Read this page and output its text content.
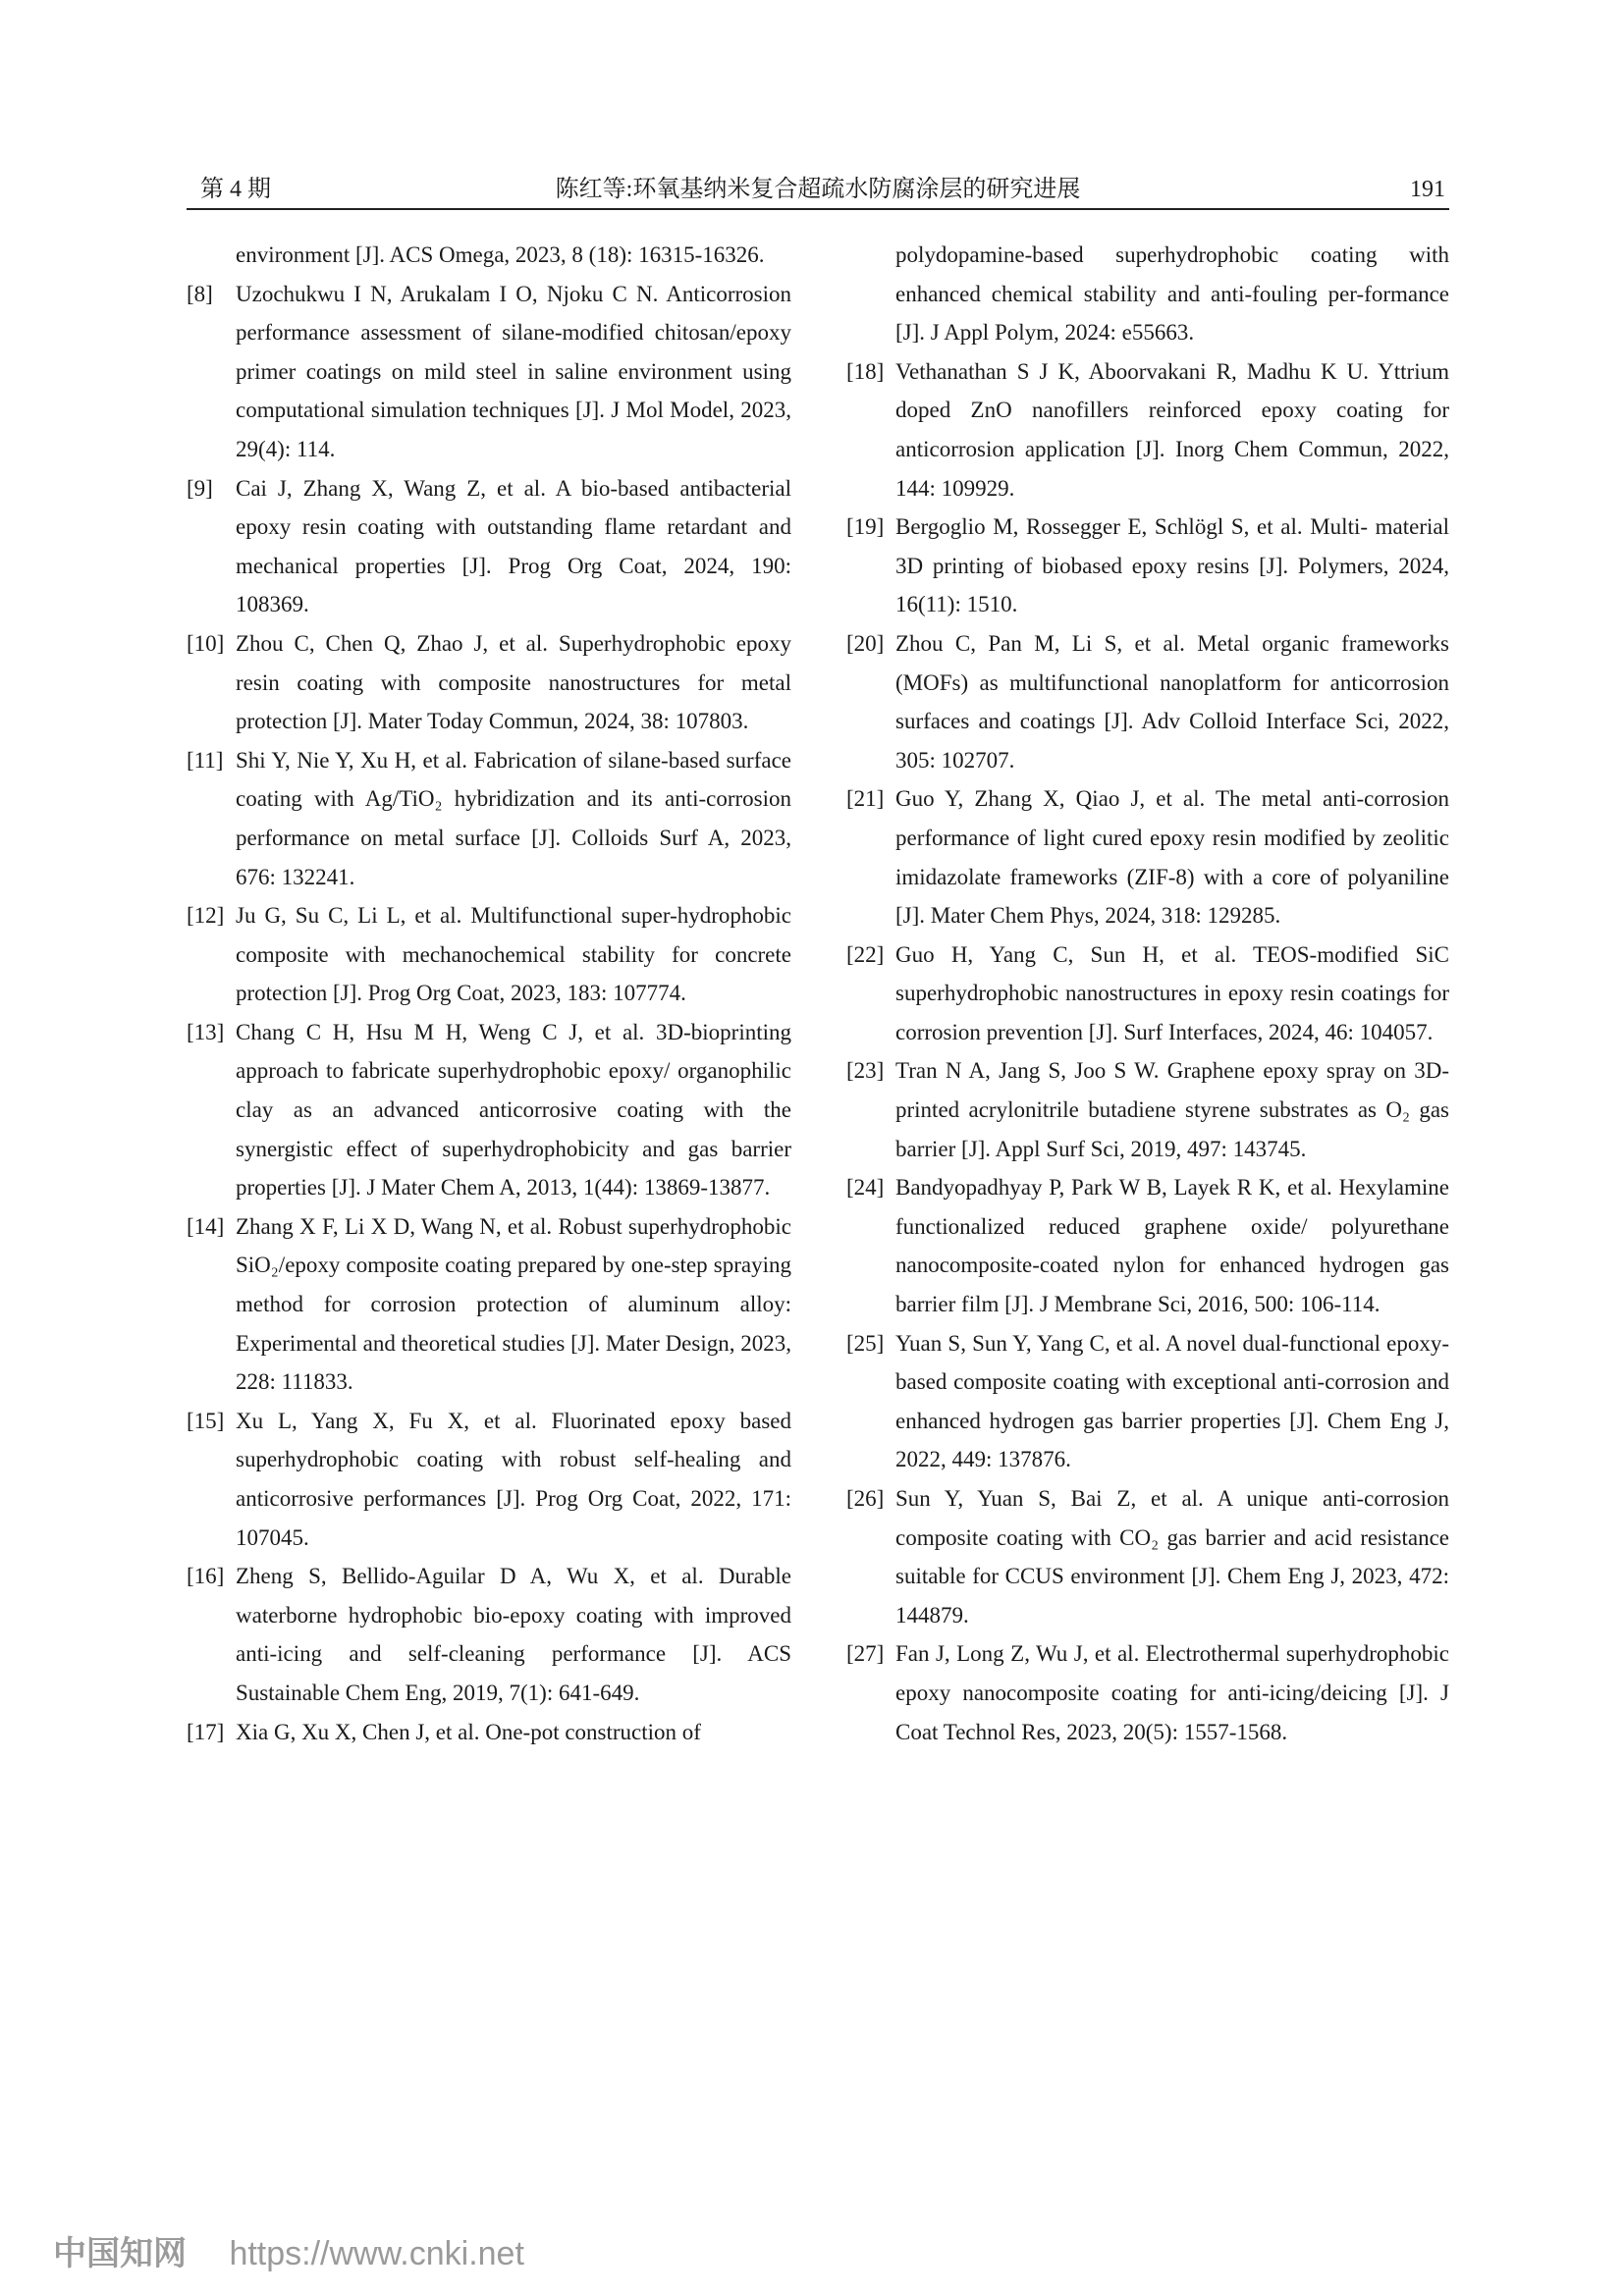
第 4 期	陈红等:环氧基纳米复合超疏水防腐涂层的研究进展	191
environment [J]. ACS Omega, 2023, 8 (18): 16315-16326.
[8] Uzochukwu I N, Arukalam I O, Njoku C N. Anticorrosion performance assessment of silane-modified chitosan/epoxy primer coatings on mild steel in saline environment using computational simulation techniques [J]. J Mol Model, 2023, 29(4): 114.
[9] Cai J, Zhang X, Wang Z, et al. A bio-based antibacterial epoxy resin coating with outstanding flame retardant and mechanical properties [J]. Prog Org Coat, 2024, 190: 108369.
[10] Zhou C, Chen Q, Zhao J, et al. Superhydrophobic epoxy resin coating with composite nanostructures for metal protection [J]. Mater Today Commun, 2024, 38: 107803.
[11] Shi Y, Nie Y, Xu H, et al. Fabrication of silane-based surface coating with Ag/TiO₂ hybridization and its anti-corrosion performance on metal surface [J]. Colloids Surf A, 2023, 676: 132241.
[12] Ju G, Su C, Li L, et al. Multifunctional super-hydrophobic composite with mechanochemical stability for concrete protection [J]. Prog Org Coat, 2023, 183: 107774.
[13] Chang C H, Hsu M H, Weng C J, et al. 3D-bioprinting approach to fabricate superhydrophobic epoxy/ organophilic clay as an advanced anticorrosive coating with the synergistic effect of superhydrophobicity and gas barrier properties [J]. J Mater Chem A, 2013, 1(44): 13869-13877.
[14] Zhang X F, Li X D, Wang N, et al. Robust superhydrophobic SiO₂/epoxy composite coating prepared by one-step spraying method for corrosion protection of aluminum alloy: Experimental and theoretical studies [J]. Mater Design, 2023, 228: 111833.
[15] Xu L, Yang X, Fu X, et al. Fluorinated epoxy based superhydrophobic coating with robust self-healing and anticorrosive performances [J]. Prog Org Coat, 2022, 171: 107045.
[16] Zheng S, Bellido-Aguilar D A, Wu X, et al. Durable waterborne hydrophobic bio-epoxy coating with improved anti-icing and self-cleaning performance [J]. ACS Sustainable Chem Eng, 2019, 7(1): 641-649.
[17] Xia G, Xu X, Chen J, et al. One-pot construction of
polydopamine-based superhydrophobic coating with enhanced chemical stability and anti-fouling per-formance [J]. J Appl Polym, 2024: e55663.
[18] Vethanathan S J K, Aboorvakani R, Madhu K U. Yttrium doped ZnO nanofillers reinforced epoxy coating for anticorrosion application [J]. Inorg Chem Commun, 2022, 144: 109929.
[19] Bergoglio M, Rossegger E, Schlögl S, et al. Multi- material 3D printing of biobased epoxy resins [J]. Polymers, 2024, 16(11): 1510.
[20] Zhou C, Pan M, Li S, et al. Metal organic frameworks (MOFs) as multifunctional nanoplatform for anticorrosion surfaces and coatings [J]. Adv Colloid Interface Sci, 2022, 305: 102707.
[21] Guo Y, Zhang X, Qiao J, et al. The metal anti-corrosion performance of light cured epoxy resin modified by zeolitic imidazolate frameworks (ZIF-8) with a core of polyaniline [J]. Mater Chem Phys, 2024, 318: 129285.
[22] Guo H, Yang C, Sun H, et al. TEOS-modified SiC superhydrophobic nanostructures in epoxy resin coatings for corrosion prevention [J]. Surf Interfaces, 2024, 46: 104057.
[23] Tran N A, Jang S, Joo S W. Graphene epoxy spray on 3D-printed acrylonitrile butadiene styrene substrates as O₂ gas barrier [J]. Appl Surf Sci, 2019, 497: 143745.
[24] Bandyopadhyay P, Park W B, Layek R K, et al. Hexylamine functionalized reduced graphene oxide/ polyurethane nanocomposite-coated nylon for enhanced hydrogen gas barrier film [J]. J Membrane Sci, 2016, 500: 106-114.
[25] Yuan S, Sun Y, Yang C, et al. A novel dual-functional epoxy-based composite coating with exceptional anti-corrosion and enhanced hydrogen gas barrier properties [J]. Chem Eng J, 2022, 449: 137876.
[26] Sun Y, Yuan S, Bai Z, et al. A unique anti-corrosion composite coating with CO₂ gas barrier and acid resistance suitable for CCUS environment [J]. Chem Eng J, 2023, 472: 144879.
[27] Fan J, Long Z, Wu J, et al. Electrothermal superhydrophobic epoxy nanocomposite coating for anti-icing/deicing [J]. J Coat Technol Res, 2023, 20(5): 1557-1568.
中国知网 https://www.cnki.net
